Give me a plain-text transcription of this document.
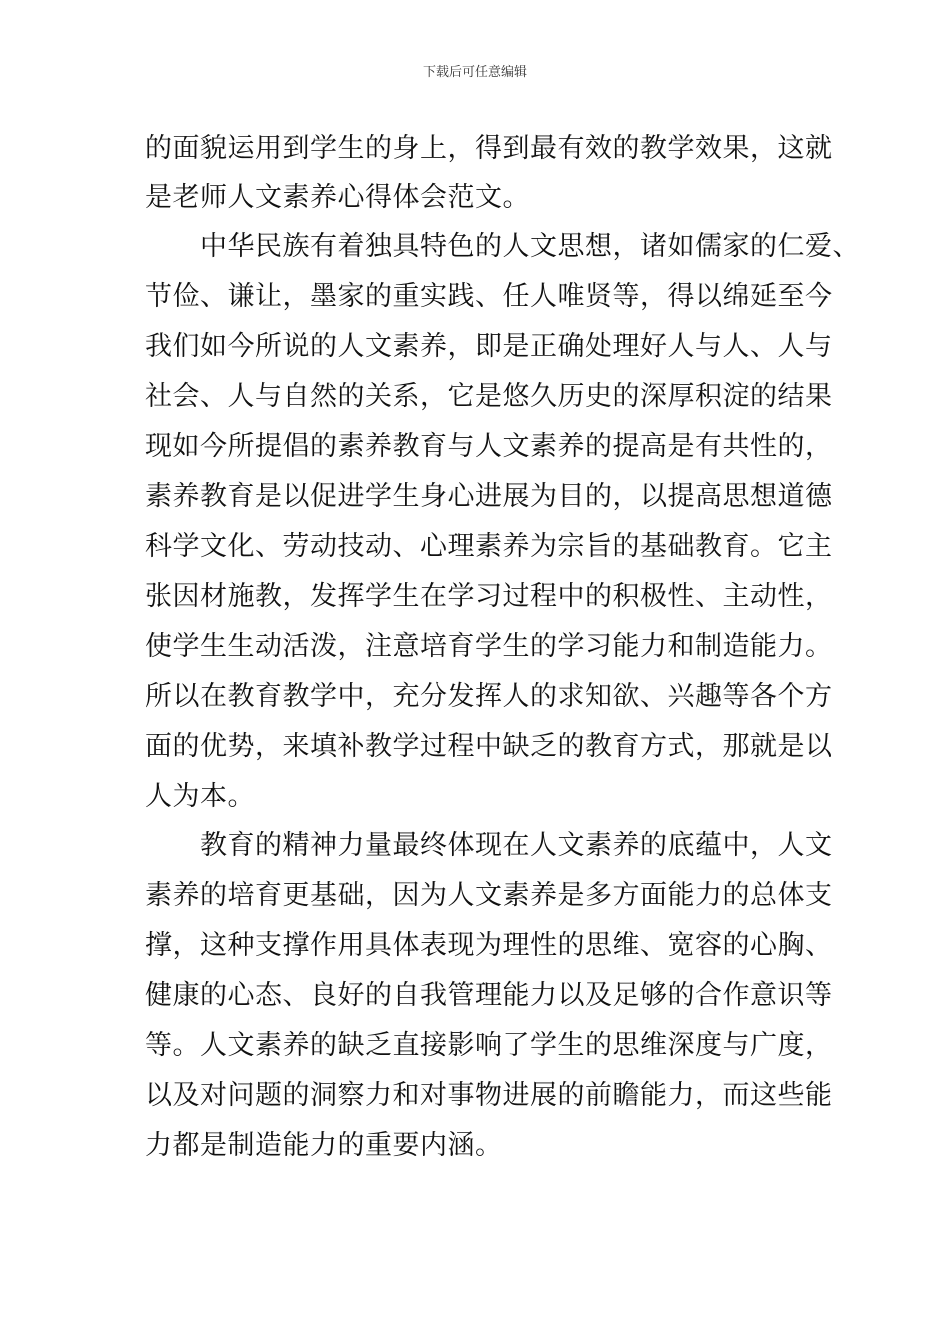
下载后可任意编辑
的面貌运用到学生的身上，得到最有效的教学效果，这就
是老师人文素养心得体会范文。
中华民族有着独具特色的人文思想，诸如儒家的仁爱、
节俭、谦让，墨家的重实践、任人唯贤等，得以绵延至今
我们如今所说的人文素养，即是正确处理好人与人、人与
社会、人与自然的关系，它是悠久历史的深厚积淀的结果
现如今所提倡的素养教育与人文素养的提高是有共性的，
素养教育是以促进学生身心进展为目的，以提高思想道德
科学文化、劳动技动、心理素养为宗旨的基础教育。它主
张因材施教，发挥学生在学习过程中的积极性、主动性，
使学生生动活泼，注意培育学生的学习能力和制造能力。
所以在教育教学中，充分发挥人的求知欲、兴趣等各个方
面的优势，来填补教学过程中缺乏的教育方式，那就是以
人为本。
教育的精神力量最终体现在人文素养的底蕴中，人文
素养的培育更基础，因为人文素养是多方面能力的总体支
撑，这种支撑作用具体表现为理性的思维、宽容的心胸、
健康的心态、良好的自我管理能力以及足够的合作意识等
等。人文素养的缺乏直接影响了学生的思维深度与广度，
以及对问题的洞察力和对事物进展的前瞻能力，而这些能
力都是制造能力的重要内涵。
